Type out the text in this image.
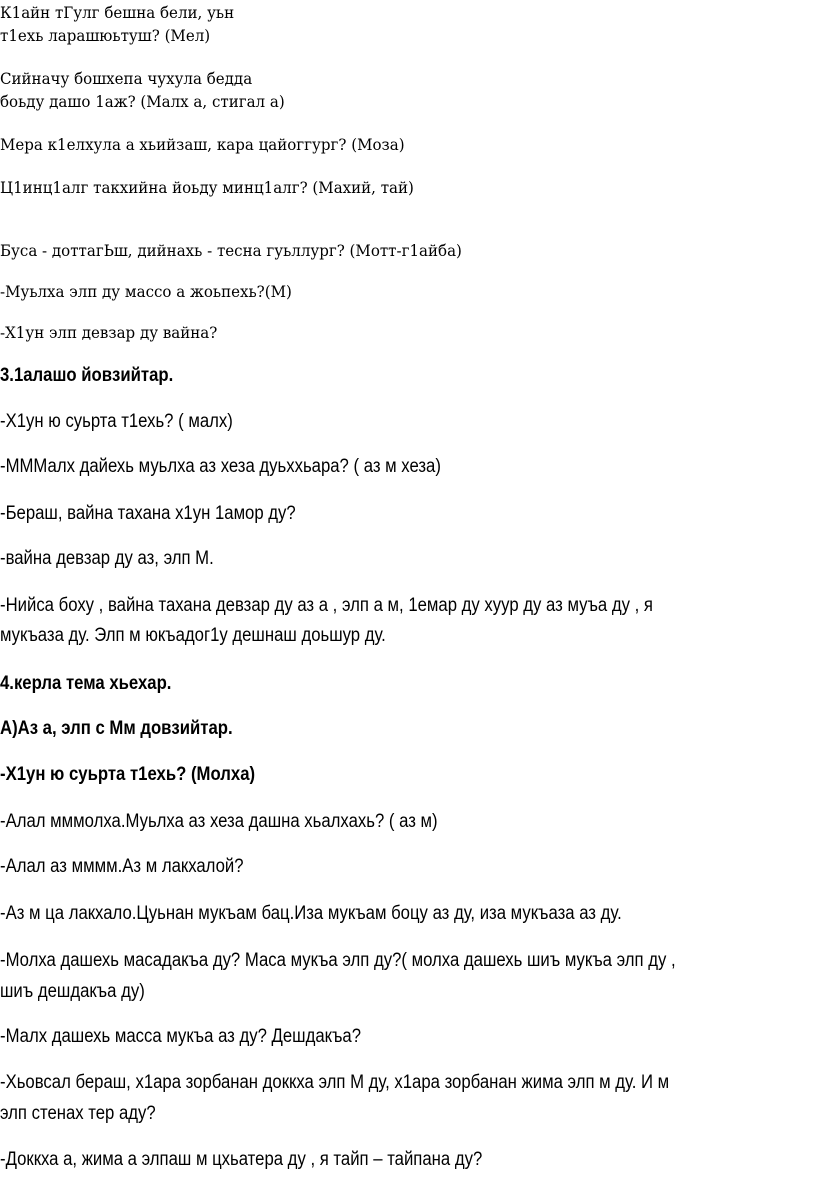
К1айн тГулг бешна бели, уьн
т1ехь ларашюьтуш? (Мел)
Сийначу бошхепа чухула бедда
боьду дашо 1аж? (Малх а, стигал а)
Мера к1елхула а хьийзаш, кара цайоггург? (Моза)
Ц1инц1алг такхийна йоьду минц1алг? (Махий, тай)
Буса - доттагЬш, дийнахь - тесна гуьллург? (Мотт-г1айба)
-Муьлха элп ду массо а жоьпехь?(М)
-Х1ун элп девзар ду вайна?
3.1алашо йовзийтар.
-Х1ун ю суьрта т1ехь? ( малх)
-МММалх дайехь муьлха аз хеза дуьххьара? ( аз м хеза)
-Бераш, вайна тахана х1ун 1амор ду?
-вайна девзар ду аз, элп М.
-Нийса боху , вайна тахана девзар ду аз а , элп а м, 1емар ду хуур ду аз муъа ду , я
мукъаза ду. Элп м юкъадог1у дешнаш доьшур ду.
4.керла тема хьехар.
А)Аз а, элп с Мм довзийтар.
-Х1ун ю суьрта т1ехь? (Молха)
-Алал мммолха.Муьлха аз хеза дашна хьалхахь? ( аз м)
-Алал аз мммм.Аз м лакхалой?
-Аз м ца лакхало.Цуьнан мукъам бац.Иза мукъам боцу аз ду, иза мукъаза аз ду.
-Молха дашехь масадакъа ду? Маса мукъа элп ду?( молха дашехь шиъ мукъа элп ду ,
шиъ дешдакъа ду)
-Малх дашехь масса мукъа аз ду? Дешдакъа?
-Хьовсал бераш, х1ара зорбанан доккха элп М ду, х1ара зорбанан жима элп м ду. И м
элп стенах тер аду?
-Доккха а, жима а элпаш м цхьатера ду , я тайп – тайпана ду?
